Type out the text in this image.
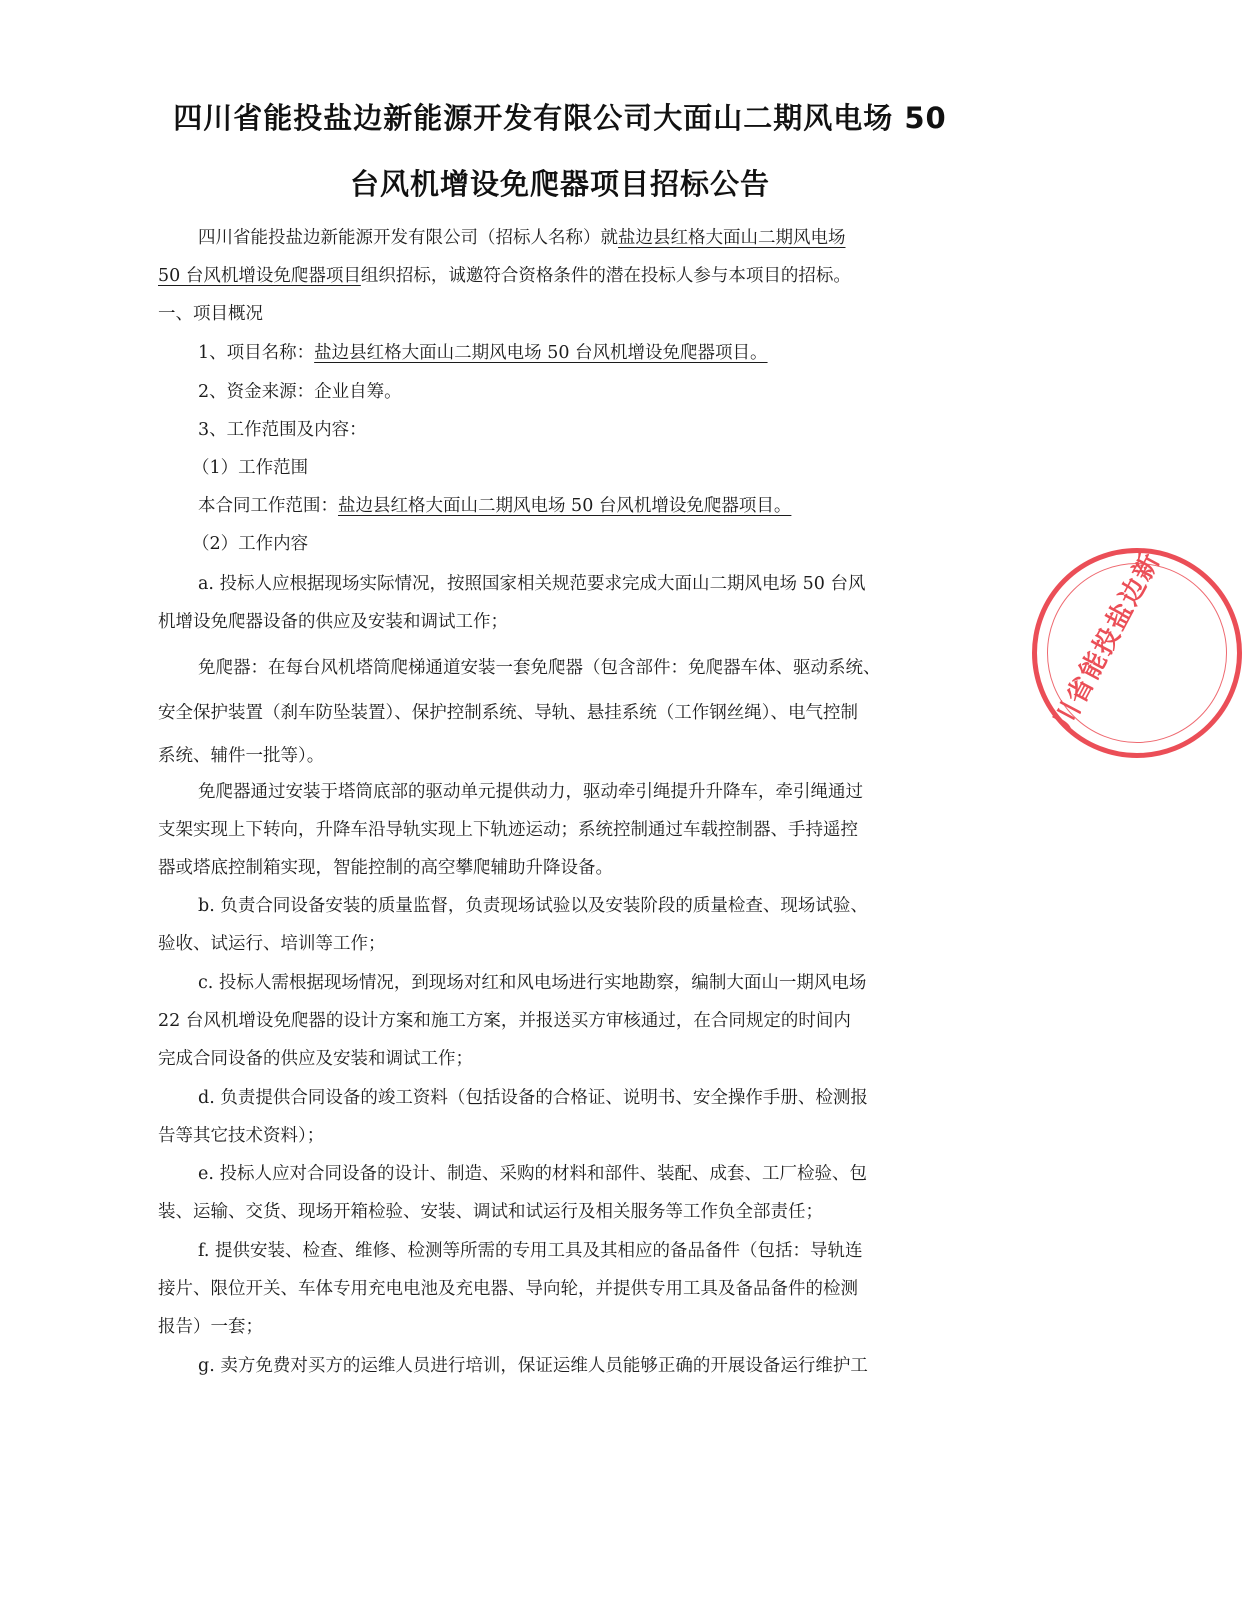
四川省能投盐边新能源开发有限公司大面山二期风电场 50
台风机增设免爬器项目招标公告
四川省能投盐边新能源开发有限公司（招标人名称）就盐边县红格大面山二期风电场
50 台风机增设免爬器项目组织招标，诚邀符合资格条件的潜在投标人参与本项目的招标。
一、项目概况
1、项目名称：盐边县红格大面山二期风电场 50 台风机增设免爬器项目。
2、资金来源：企业自筹。
3、工作范围及内容：
（1）工作范围
本合同工作范围：盐边县红格大面山二期风电场 50 台风机增设免爬器项目。
（2）工作内容
a. 投标人应根据现场实际情况，按照国家相关规范要求完成大面山二期风电场 50 台风
机增设免爬器设备的供应及安装和调试工作；
免爬器：在每台风机塔筒爬梯通道安装一套免爬器（包含部件：免爬器车体、驱动系统、
安全保护装置（刹车防坠装置）、保护控制系统、导轨、悬挂系统（工作钢丝绳）、电气控制
系统、辅件一批等）。
免爬器通过安装于塔筒底部的驱动单元提供动力，驱动牵引绳提升升降车，牵引绳通过
支架实现上下转向，升降车沿导轨实现上下轨迹运动；系统控制通过车载控制器、手持遥控
器或塔底控制箱实现，智能控制的高空攀爬辅助升降设备。
b. 负责合同设备安装的质量监督，负责现场试验以及安装阶段的质量检查、现场试验、
验收、试运行、培训等工作；
c. 投标人需根据现场情况，到现场对红和风电场进行实地勘察，编制大面山一期风电场
22 台风机增设免爬器的设计方案和施工方案，并报送买方审核通过，在合同规定的时间内
完成合同设备的供应及安装和调试工作；
d. 负责提供合同设备的竣工资料（包括设备的合格证、说明书、安全操作手册、检测报
告等其它技术资料）；
e. 投标人应对合同设备的设计、制造、采购的材料和部件、装配、成套、工厂检验、包
装、运输、交货、现场开箱检验、安装、调试和试运行及相关服务等工作负全部责任；
f. 提供安装、检查、维修、检测等所需的专用工具及其相应的备品备件（包括：导轨连
接片、限位开关、车体专用充电电池及充电器、导向轮，并提供专用工具及备品备件的检测
报告）一套；
g. 卖方免费对买方的运维人员进行培训，保证运维人员能够正确的开展设备运行维护工
川省能投盐边新
